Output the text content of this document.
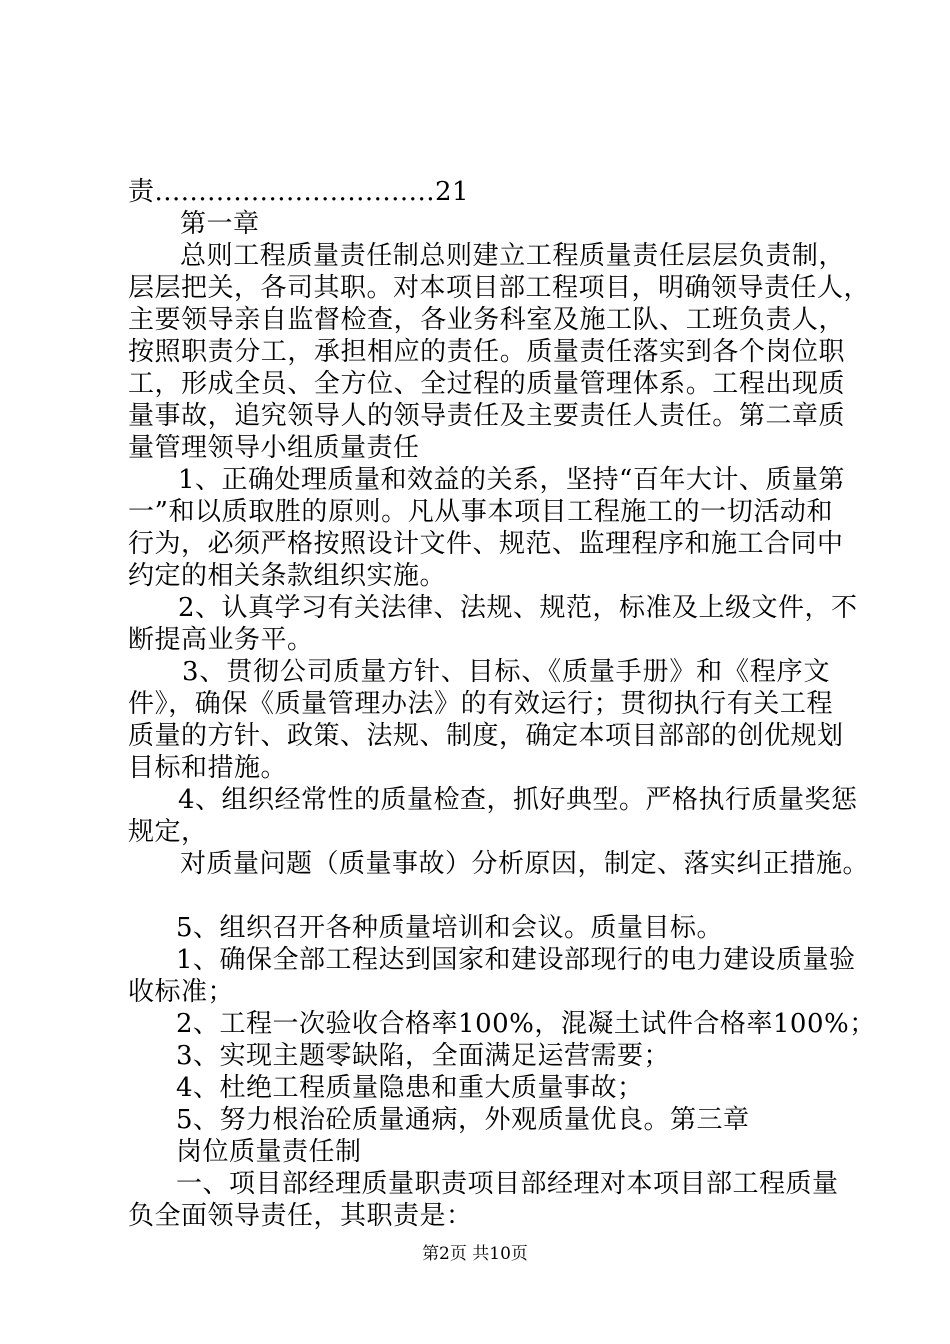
责................................21
第一章
总则工程质量责任制总则建立工程质量责任层层负责制，
层层把关，各司其职。对本项目部工程项目，明确领导责任人，
主要领导亲自监督检查，各业务科室及施工队、工班负责人，
按照职责分工，承担相应的责任。质量责任落实到各个岗位职
工，形成全员、全方位、全过程的质量管理体系。工程出现质
量事故，追究领导人的领导责任及主要责任人责任。第二章质
量管理领导小组质量责任
1、正确处理质量和效益的关系，坚持“百年大计、质量第
一”和以质取胜的原则。凡从事本项目工程施工的一切活动和
行为，必须严格按照设计文件、规范、监理程序和施工合同中
约定的相关条款组织实施。
2、认真学习有关法律、法规、规范，标准及上级文件，不
断提高业务平。
3、贯彻公司质量方针、目标、《质量手册》和《程序文
件》，确保《质量管理办法》的有效运行；贯彻执行有关工程
质量的方针、政策、法规、制度，确定本项目部部的创优规划
目标和措施。
4、组织经常性的质量检查，抓好典型。严格执行质量奖惩
规定，
对质量问题（质量事故）分析原因，制定、落实纠正措施。
5、组织召开各种质量培训和会议。质量目标。
1、确保全部工程达到国家和建设部现行的电力建设质量验
收标准；
2、工程一次验收合格率100%，混凝土试件合格率100%；
3、实现主题零缺陷，全面满足运营需要；
4、杜绝工程质量隐患和重大质量事故；
5、努力根治砼质量通病，外观质量优良。第三章
岗位质量责任制
一、项目部经理质量职责项目部经理对本项目部工程质量
负全面领导责任，其职责是：
第2页 共10页
